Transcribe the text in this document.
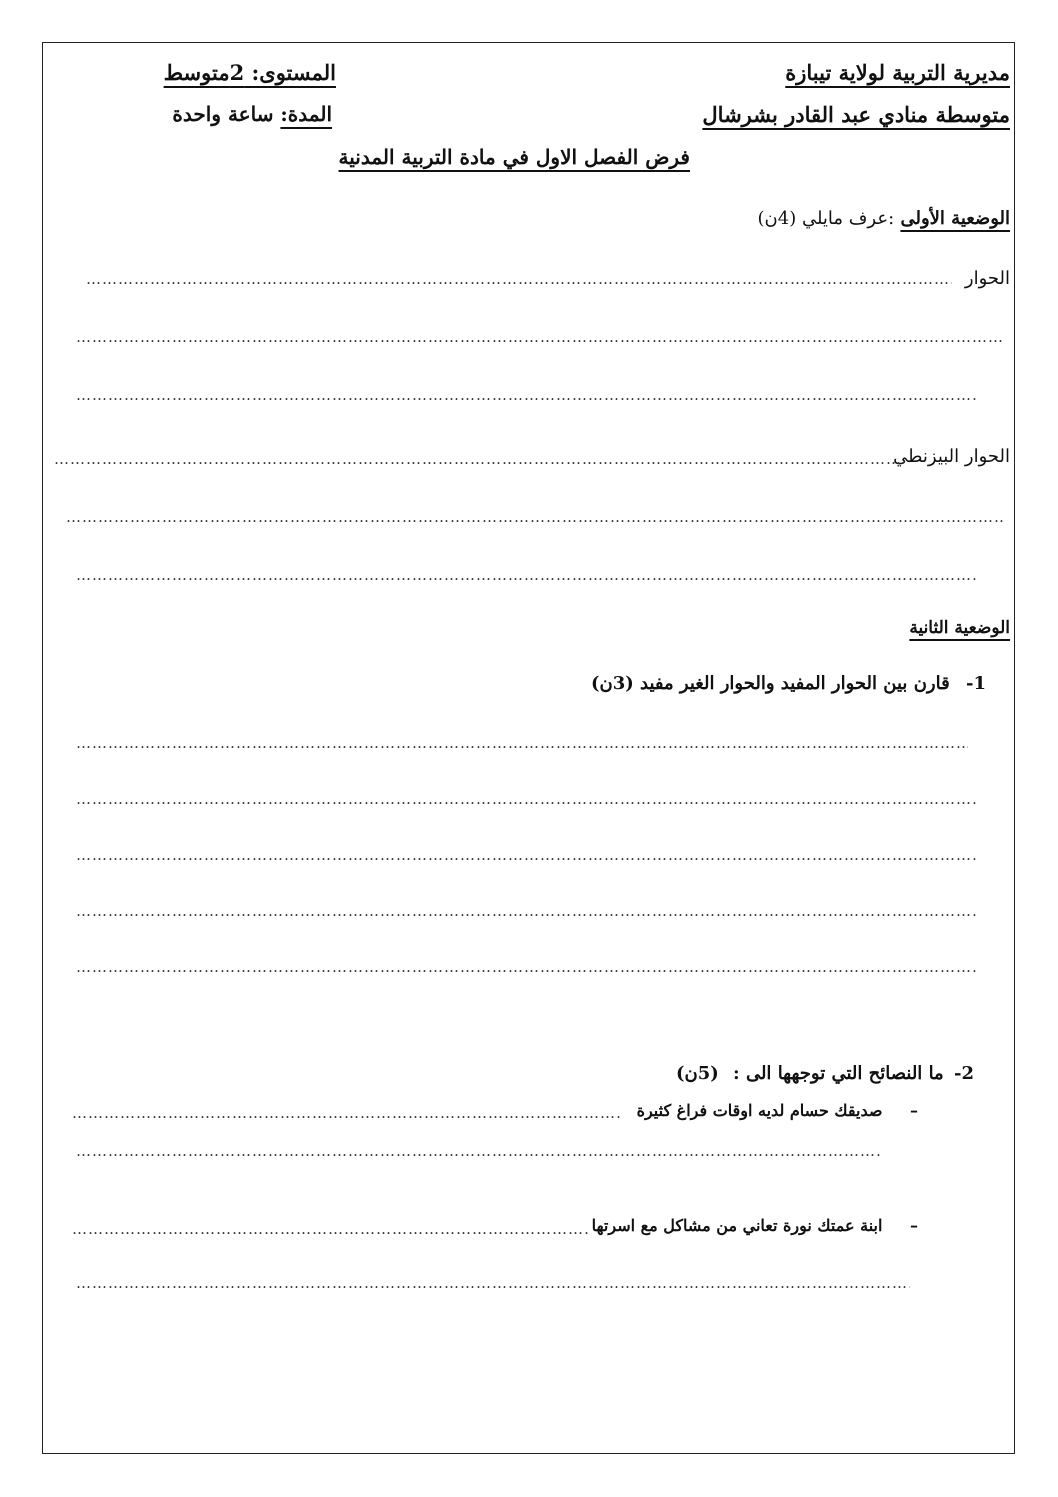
مديرية التربية لولاية تيبازة
متوسطة منادي عبد القادر بشرشال
المستوى: 2متوسط
المدة: ساعة واحدة
فرض الفصل الاول في مادة التربية المدنية
الوضعية الأولى :عرف مايلي (4ن)
الحوار
…………………………………………………………………………………………………………………………………………………………………………………………………………
…………………………………………………………………………………………………………………………………………………………………………………………………………
…………………………………………………………………………………………………………………………………………………………………………………………………………
الحوار البيزنطي
…………………………………………………………………………………………………………………………………………………………………………………………………………
…………………………………………………………………………………………………………………………………………………………………………………………………………
…………………………………………………………………………………………………………………………………………………………………………………………………………
الوضعية الثانية
1- قارن بين الحوار المفيد والحوار الغير مفيد (3ن)
…………………………………………………………………………………………………………………………………………………………………………………………………………
…………………………………………………………………………………………………………………………………………………………………………………………………………
…………………………………………………………………………………………………………………………………………………………………………………………………………
…………………………………………………………………………………………………………………………………………………………………………………………………………
…………………………………………………………………………………………………………………………………………………………………………………………………………
2- ما النصائح التي توجهها الى : (5ن)
– صديقك حسام لديه اوقات فراغ كثيرة
…………………………………………………………………………………………………………………………………………………………………………………………………………
…………………………………………………………………………………………………………………………………………………………………………………………………………
– ابنة عمتك نورة تعاني من مشاكل مع اسرتها
…………………………………………………………………………………………………………………………………………………………………………………………………………
…………………………………………………………………………………………………………………………………………………………………………………………………………
